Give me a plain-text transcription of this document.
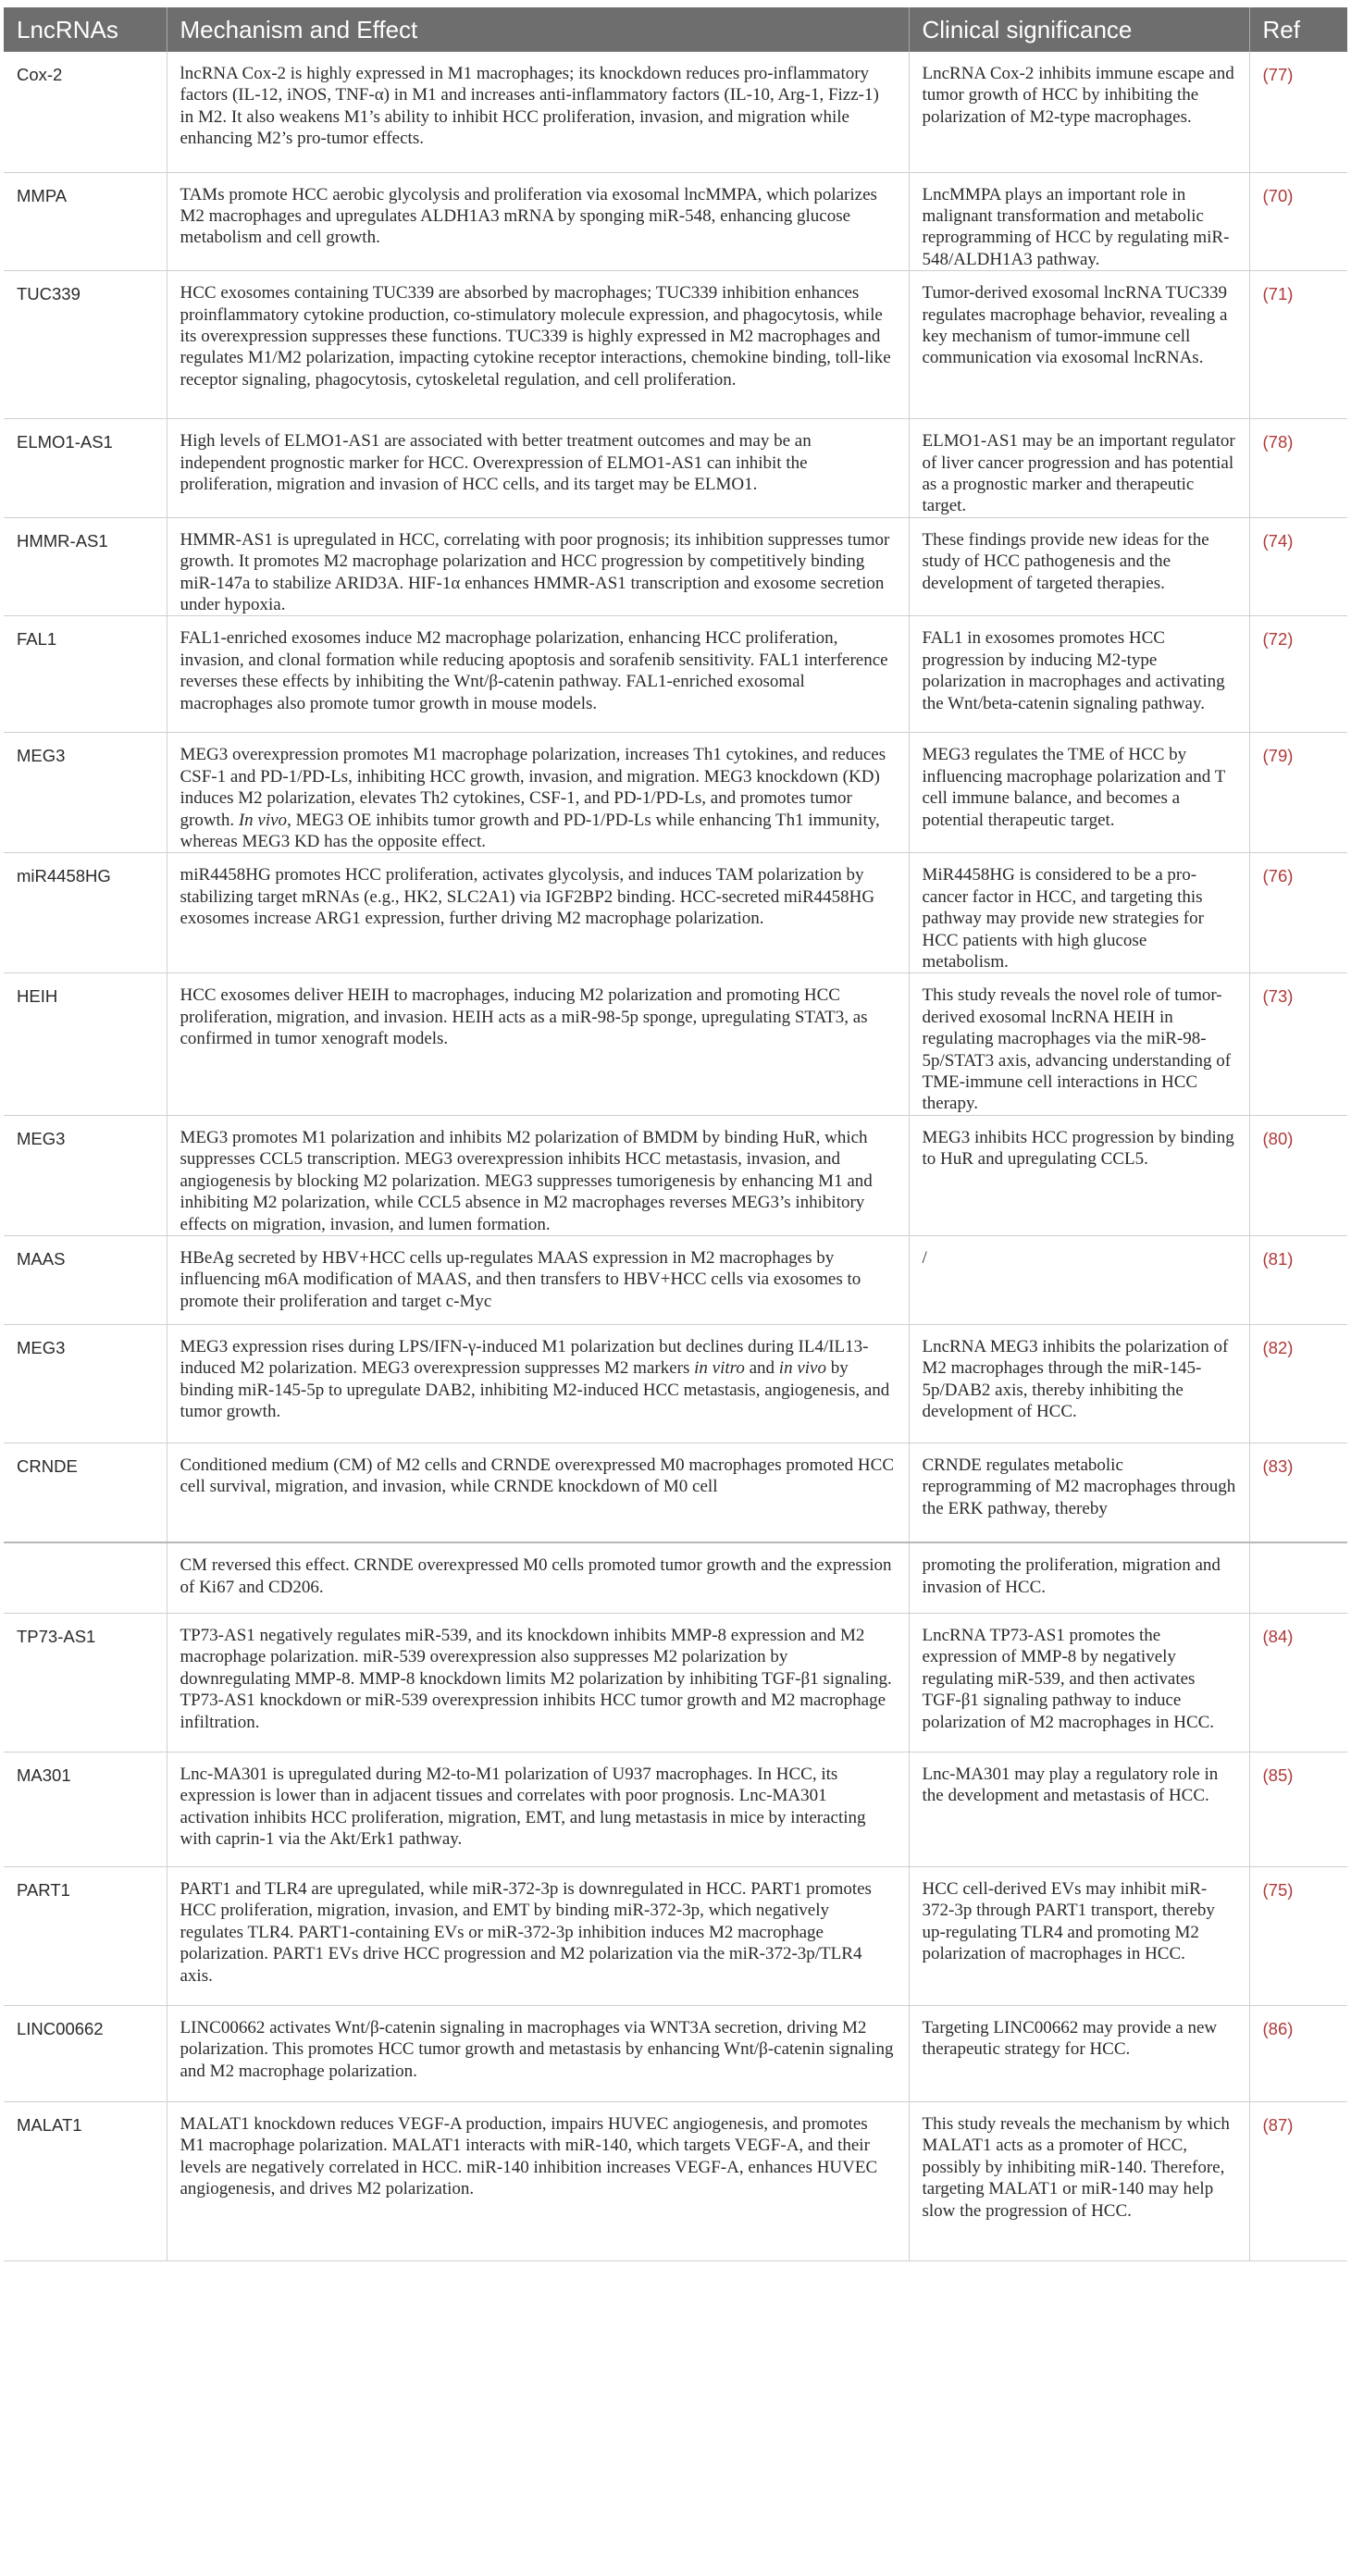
LncRNAs	Mechanism and Effect	Clinical significance	Ref
Cox-2	lncRNA Cox-2 is highly expressed in M1 macrophages; its knockdown reduces pro-inflammatory factors (IL-12, iNOS, TNF-α) in M1 and increases anti-inflammatory factors (IL-10, Arg-1, Fizz-1) in M2. It also weakens M1’s ability to inhibit HCC proliferation, invasion, and migration while enhancing M2’s pro-tumor effects.	LncRNA Cox-2 inhibits immune escape and tumor growth of HCC by inhibiting the polarization of M2-type macrophages.	(77)
MMPA	TAMs promote HCC aerobic glycolysis and proliferation via exosomal lncMMPA, which polarizes M2 macrophages and upregulates ALDH1A3 mRNA by sponging miR-548, enhancing glucose metabolism and cell growth.	LncMMPA plays an important role in malignant transformation and metabolic reprogramming of HCC by regulating miR-548/ALDH1A3 pathway.	(70)
TUC339	HCC exosomes containing TUC339 are absorbed by macrophages; TUC339 inhibition enhances proinflammatory cytokine production, co-stimulatory molecule expression, and phagocytosis, while its overexpression suppresses these functions. TUC339 is highly expressed in M2 macrophages and regulates M1/M2 polarization, impacting cytokine receptor interactions, chemokine binding, toll-like receptor signaling, phagocytosis, cytoskeletal regulation, and cell proliferation.	Tumor-derived exosomal lncRNA TUC339 regulates macrophage behavior, revealing a key mechanism of tumor-immune cell communication via exosomal lncRNAs.	(71)
ELMO1-AS1	High levels of ELMO1-AS1 are associated with better treatment outcomes and may be an independent prognostic marker for HCC. Overexpression of ELMO1-AS1 can inhibit the proliferation, migration and invasion of HCC cells, and its target may be ELMO1.	ELMO1-AS1 may be an important regulator of liver cancer progression and has potential as a prognostic marker and therapeutic target.	(78)
HMMR-AS1	HMMR-AS1 is upregulated in HCC, correlating with poor prognosis; its inhibition suppresses tumor growth. It promotes M2 macrophage polarization and HCC progression by competitively binding miR-147a to stabilize ARID3A. HIF-1α enhances HMMR-AS1 transcription and exosome secretion under hypoxia.	These findings provide new ideas for the study of HCC pathogenesis and the development of targeted therapies.	(74)
FAL1	FAL1-enriched exosomes induce M2 macrophage polarization, enhancing HCC proliferation, invasion, and clonal formation while reducing apoptosis and sorafenib sensitivity. FAL1 interference reverses these effects by inhibiting the Wnt/β-catenin pathway. FAL1-enriched exosomal macrophages also promote tumor growth in mouse models.	FAL1 in exosomes promotes HCC progression by inducing M2-type polarization in macrophages and activating the Wnt/beta-catenin signaling pathway.	(72)
MEG3	MEG3 overexpression promotes M1 macrophage polarization, increases Th1 cytokines, and reduces CSF-1 and PD-1/PD-Ls, inhibiting HCC growth, invasion, and migration. MEG3 knockdown (KD) induces M2 polarization, elevates Th2 cytokines, CSF-1, and PD-1/PD-Ls, and promotes tumor growth. In vivo, MEG3 OE inhibits tumor growth and PD-1/PD-Ls while enhancing Th1 immunity, whereas MEG3 KD has the opposite effect.	MEG3 regulates the TME of HCC by influencing macrophage polarization and T cell immune balance, and becomes a potential therapeutic target.	(79)
miR4458HG	miR4458HG promotes HCC proliferation, activates glycolysis, and induces TAM polarization by stabilizing target mRNAs (e.g., HK2, SLC2A1) via IGF2BP2 binding. HCC-secreted miR4458HG exosomes increase ARG1 expression, further driving M2 macrophage polarization.	MiR4458HG is considered to be a pro-cancer factor in HCC, and targeting this pathway may provide new strategies for HCC patients with high glucose metabolism.	(76)
HEIH	HCC exosomes deliver HEIH to macrophages, inducing M2 polarization and promoting HCC proliferation, migration, and invasion. HEIH acts as a miR-98-5p sponge, upregulating STAT3, as confirmed in tumor xenograft models.	This study reveals the novel role of tumor-derived exosomal lncRNA HEIH in regulating macrophages via the miR-98-5p/STAT3 axis, advancing understanding of TME-immune cell interactions in HCC therapy.	(73)
MEG3	MEG3 promotes M1 polarization and inhibits M2 polarization of BMDM by binding HuR, which suppresses CCL5 transcription. MEG3 overexpression inhibits HCC metastasis, invasion, and angiogenesis by blocking M2 polarization. MEG3 suppresses tumorigenesis by enhancing M1 and inhibiting M2 polarization, while CCL5 absence in M2 macrophages reverses MEG3’s inhibitory effects on migration, invasion, and lumen formation.	MEG3 inhibits HCC progression by binding to HuR and upregulating CCL5.	(80)
MAAS	HBeAg secreted by HBV+HCC cells up-regulates MAAS expression in M2 macrophages by influencing m6A modification of MAAS, and then transfers to HBV+HCC cells via exosomes to promote their proliferation and target c-Myc	/	(81)
MEG3	MEG3 expression rises during LPS/IFN-γ-induced M1 polarization but declines during IL4/IL13-induced M2 polarization. MEG3 overexpression suppresses M2 markers in vitro and in vivo by binding miR-145-5p to upregulate DAB2, inhibiting M2-induced HCC metastasis, angiogenesis, and tumor growth.	LncRNA MEG3 inhibits the polarization of M2 macrophages through the miR-145-5p/DAB2 axis, thereby inhibiting the development of HCC.	(82)
CRNDE	Conditioned medium (CM) of M2 cells and CRNDE overexpressed M0 macrophages promoted HCC cell survival, migration, and invasion, while CRNDE knockdown of M0 cell	CRNDE regulates metabolic reprogramming of M2 macrophages through the ERK pathway, thereby	(83)
	CM reversed this effect. CRNDE overexpressed M0 cells promoted tumor growth and the expression of Ki67 and CD206.	promoting the proliferation, migration and invasion of HCC.	
TP73-AS1	TP73-AS1 negatively regulates miR-539, and its knockdown inhibits MMP-8 expression and M2 macrophage polarization. miR-539 overexpression also suppresses M2 polarization by downregulating MMP-8. MMP-8 knockdown limits M2 polarization by inhibiting TGF-β1 signaling. TP73-AS1 knockdown or miR-539 overexpression inhibits HCC tumor growth and M2 macrophage infiltration.	LncRNA TP73-AS1 promotes the expression of MMP-8 by negatively regulating miR-539, and then activates TGF-β1 signaling pathway to induce polarization of M2 macrophages in HCC.	(84)
MA301	Lnc-MA301 is upregulated during M2-to-M1 polarization of U937 macrophages. In HCC, its expression is lower than in adjacent tissues and correlates with poor prognosis. Lnc-MA301 activation inhibits HCC proliferation, migration, EMT, and lung metastasis in mice by interacting with caprin-1 via the Akt/Erk1 pathway.	Lnc-MA301 may play a regulatory role in the development and metastasis of HCC.	(85)
PART1	PART1 and TLR4 are upregulated, while miR-372-3p is downregulated in HCC. PART1 promotes HCC proliferation, migration, invasion, and EMT by binding miR-372-3p, which negatively regulates TLR4. PART1-containing EVs or miR-372-3p inhibition induces M2 macrophage polarization. PART1 EVs drive HCC progression and M2 polarization via the miR-372-3p/TLR4 axis.	HCC cell-derived EVs may inhibit miR-372-3p through PART1 transport, thereby up-regulating TLR4 and promoting M2 polarization of macrophages in HCC.	(75)
LINC00662	LINC00662 activates Wnt/β-catenin signaling in macrophages via WNT3A secretion, driving M2 polarization. This promotes HCC tumor growth and metastasis by enhancing Wnt/β-catenin signaling and M2 macrophage polarization.	Targeting LINC00662 may provide a new therapeutic strategy for HCC.	(86)
MALAT1	MALAT1 knockdown reduces VEGF-A production, impairs HUVEC angiogenesis, and promotes M1 macrophage polarization. MALAT1 interacts with miR-140, which targets VEGF-A, and their levels are negatively correlated in HCC. miR-140 inhibition increases VEGF-A, enhances HUVEC angiogenesis, and drives M2 polarization.	This study reveals the mechanism by which MALAT1 acts as a promoter of HCC, possibly by inhibiting miR-140. Therefore, targeting MALAT1 or miR-140 may help slow the progression of HCC.	(87)
